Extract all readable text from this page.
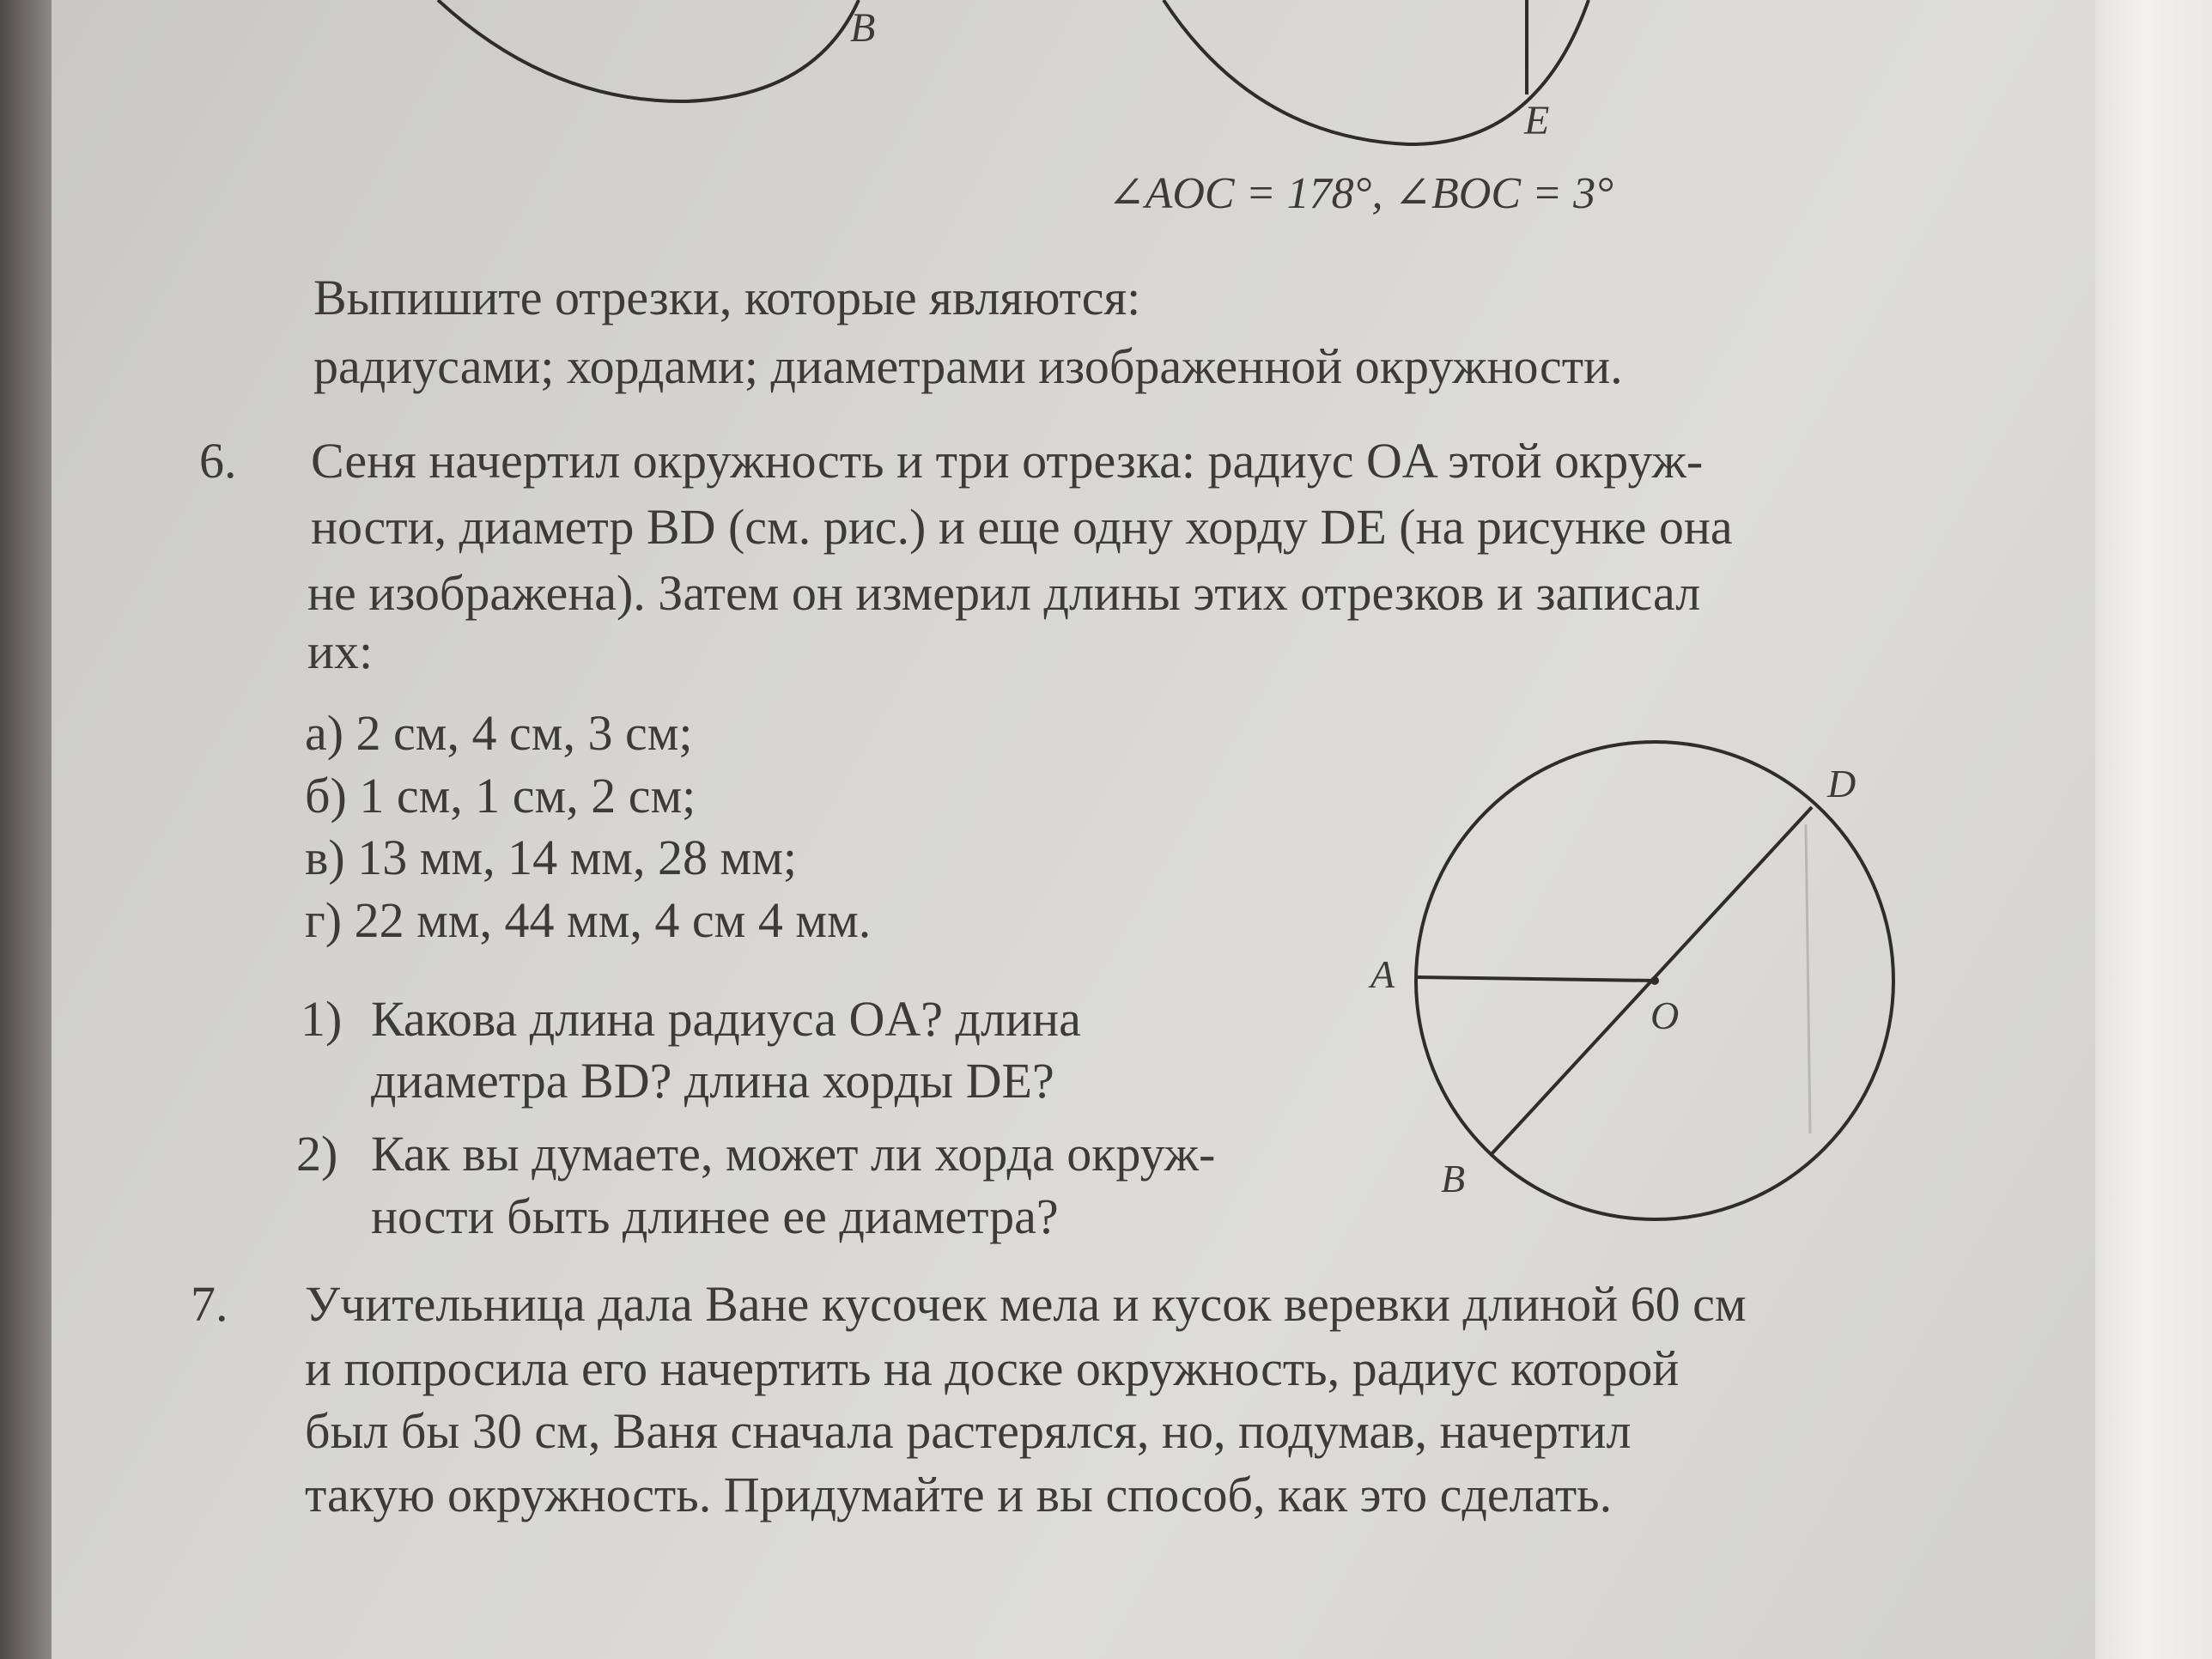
B
E
∠AOC = 178°, ∠BOC = 3°
Выпишите отрезки, которые являются:
радиусами; хордами; диаметрами изображенной окружности.
6. Сеня начертил окружность и три отрезка: радиус OA этой окруж-
ности, диаметр BD (см. рис.) и еще одну хорду DE (на рисунке она
не изображена). Затем он измерил длины этих отрезков и записал
их:
а) 2 см, 4 см, 3 см;
б) 1 см, 1 см, 2 см;
в) 13 мм, 14 мм, 28 мм;
г) 22 мм, 44 мм, 4 см 4 мм.
1) Какова длина радиуса OA? длина
диаметра BD? длина хорды DE?
2) Как вы думаете, может ли хорда окруж-
ности быть длинее ее диаметра?
D
A
O
B
7. Учительница дала Ване кусочек мела и кусок веревки длиной 60 см
и попросила его начертить на доске окружность, радиус которой
был бы 30 см, Ваня сначала растерялся, но, подумав, начертил
такую окружность. Придумайте и вы способ, как это сделать.
